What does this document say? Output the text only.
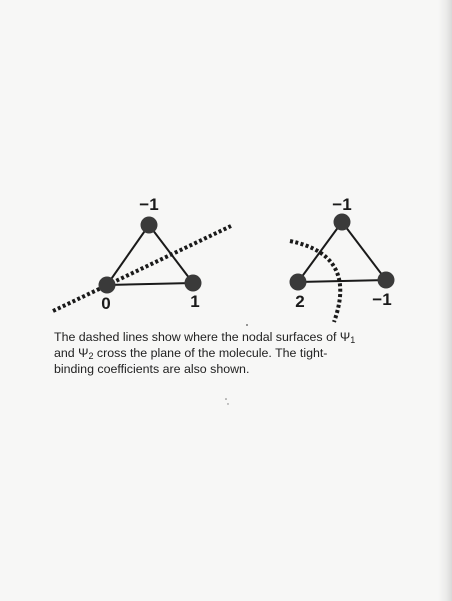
−1
0	1
−1
2	−1

The dashed lines show where the nodal surfaces of $\Psi_1$
and $\Psi_2$ cross the plane of the molecule. The tight-
binding coefficients are also shown.
